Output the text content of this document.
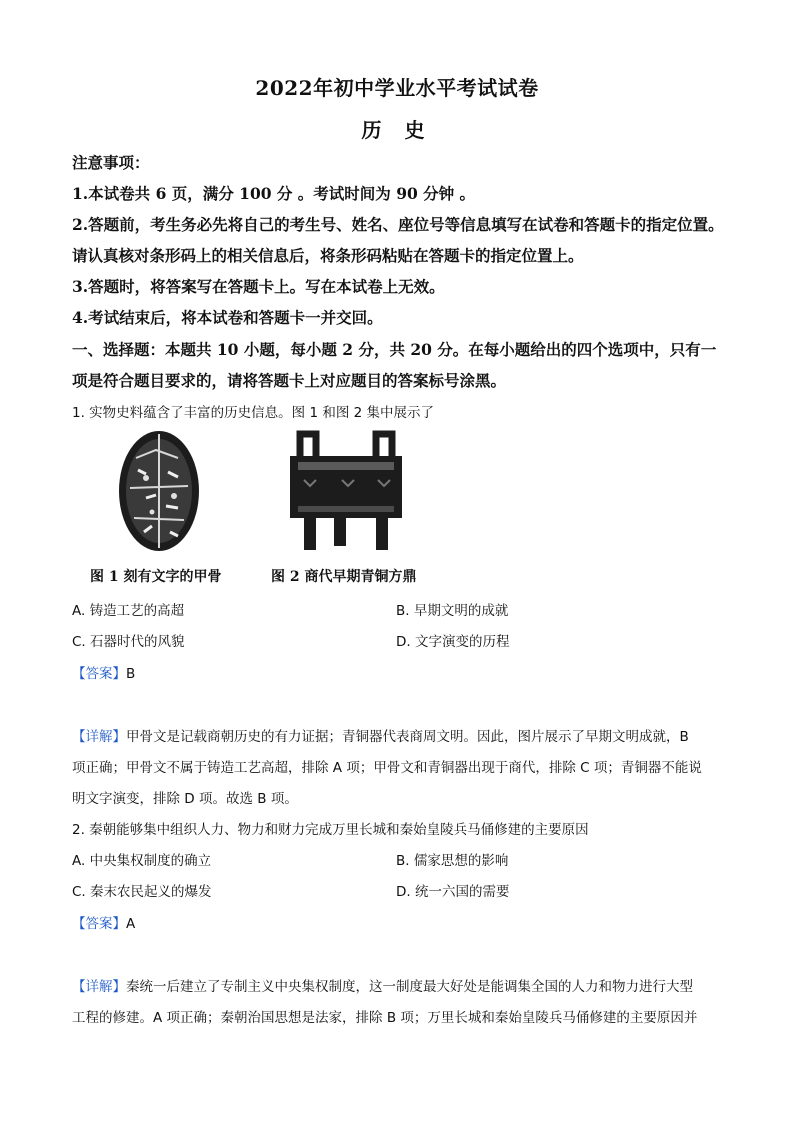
2022年初中学业水平考试试卷
历 史
注意事项：
1.本试卷共 6 页，满分 100 分 。考试时间为 90 分钟 。
2.答题前，考生务必先将自己的考生号、姓名、座位号等信息填写在试卷和答题卡的指定位置。
请认真核对条形码上的相关信息后，将条形码粘贴在答题卡的指定位置上。
3.答题时，将答案写在答题卡上。写在本试卷上无效。
4.考试结束后，将本试卷和答题卡一并交回。
一、选择题：本题共 10 小题，每小题 2 分，共 20 分。在每小题给出的四个选项中，只有一
项是符合题目要求的，请将答题卡上对应题目的答案标号涂黑。
1. 实物史料蕴含了丰富的历史信息。图 1 和图 2 集中展示了
图 1 刻有文字的甲骨	图 2 商代早期青铜方鼎
A. 铸造工艺的高超	B. 早期文明的成就
C. 石器时代的风貌	D. 文字演变的历程
【答案】B
【详解】甲骨文是记载商朝历史的有力证据；青铜器代表商周文明。因此，图片展示了早期文明成就，B
项正确；甲骨文不属于铸造工艺高超，排除 A 项；甲骨文和青铜器出现于商代，排除 C 项；青铜器不能说
明文字演变，排除 D 项。故选 B 项。
2. 秦朝能够集中组织人力、物力和财力完成万里长城和秦始皇陵兵马俑修建的主要原因
A. 中央集权制度的确立	B. 儒家思想的影响
C. 秦末农民起义的爆发	D. 统一六国的需要
【答案】A
【详解】秦统一后建立了专制主义中央集权制度，这一制度最大好处是能调集全国的人力和物力进行大型
工程的修建。A 项正确；秦朝治国思想是法家，排除 B 项；万里长城和秦始皇陵兵马俑修建的主要原因并
